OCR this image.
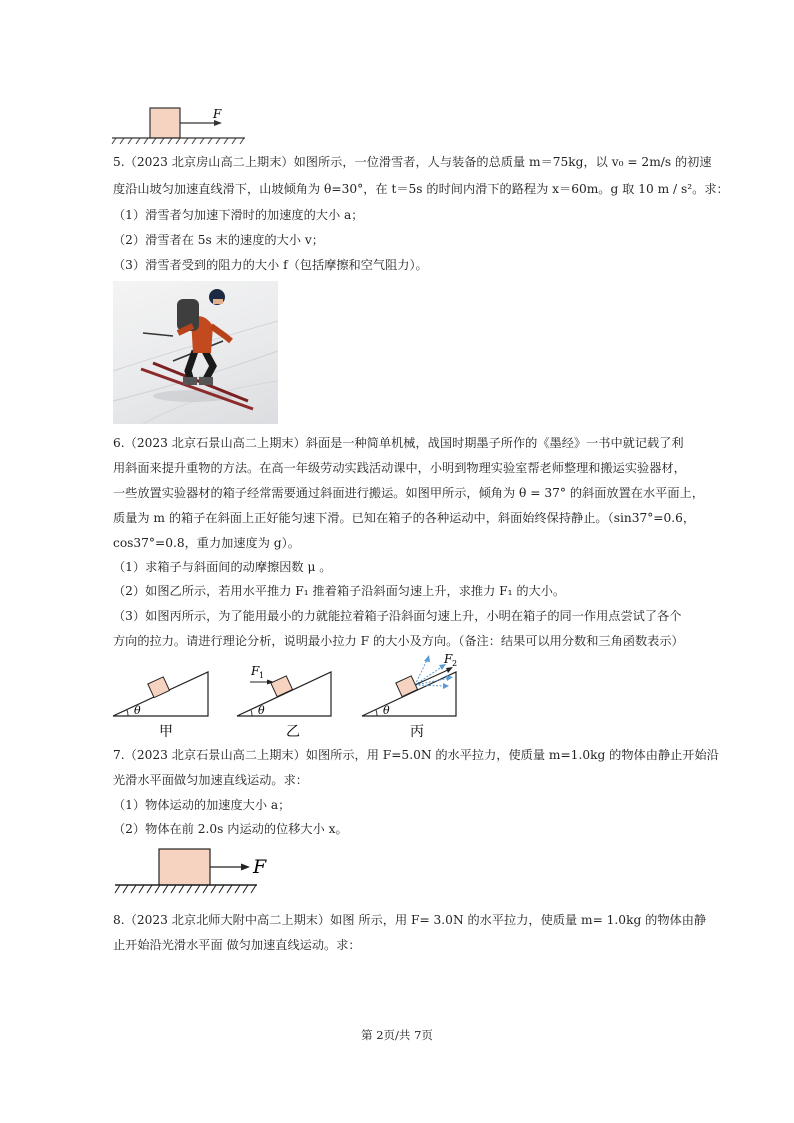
F
5.（2023 北京房山高二上期末）如图所示，一位滑雪者，人与装备的总质量 m＝75kg，以 v₀ = 2m/s 的初速
度沿山坡匀加速直线滑下，山坡倾角为 θ=30°，在 t＝5s 的时间内滑下的路程为 x＝60m。g 取 10 m / s²。求：
（1）滑雪者匀加速下滑时的加速度的大小 a；
（2）滑雪者在 5s 末的速度的大小 v；
（3）滑雪者受到的阻力的大小 f（包括摩擦和空气阻力）。
6.（2023 北京石景山高二上期末）斜面是一种简单机械，战国时期墨子所作的《墨经》一书中就记载了利
用斜面来提升重物的方法。在高一年级劳动实践活动课中，小明到物理实验室帮老师整理和搬运实验器材，
一些放置实验器材的箱子经常需要通过斜面进行搬运。如图甲所示，倾角为 θ = 37° 的斜面放置在水平面上，
质量为 m 的箱子在斜面上正好能匀速下滑。已知在箱子的各种运动中，斜面始终保持静止。（sin37°=0.6，
cos37°=0.8，重力加速度为 g）。
（1）求箱子与斜面间的动摩擦因数 μ 。
（2）如图乙所示，若用水平推力 F₁ 推着箱子沿斜面匀速上升，求推力 F₁ 的大小。
（3）如图丙所示，为了能用最小的力就能拉着箱子沿斜面匀速上升，小明在箱子的同一作用点尝试了各个
方向的拉力。请进行理论分析，说明最小拉力 F 的大小及方向。（备注：结果可以用分数和三角函数表示）
θ
甲
F 1
θ
乙
F 2
θ
丙
7.（2023 北京石景山高二上期末）如图所示，用 F=5.0N 的水平拉力，使质量 m=1.0kg 的物体由静止开始沿
光滑水平面做匀加速直线运动。求：
（1）物体运动的加速度大小 a；
（2）物体在前 2.0s 内运动的位移大小 x。
F
8.（2023 北京北师大附中高二上期末）如图 所示，用 F= 3.0N 的水平拉力，使质量 m= 1.0kg 的物体由静
止开始沿光滑水平面 做匀加速直线运动。求：
第 2页/共 7页
